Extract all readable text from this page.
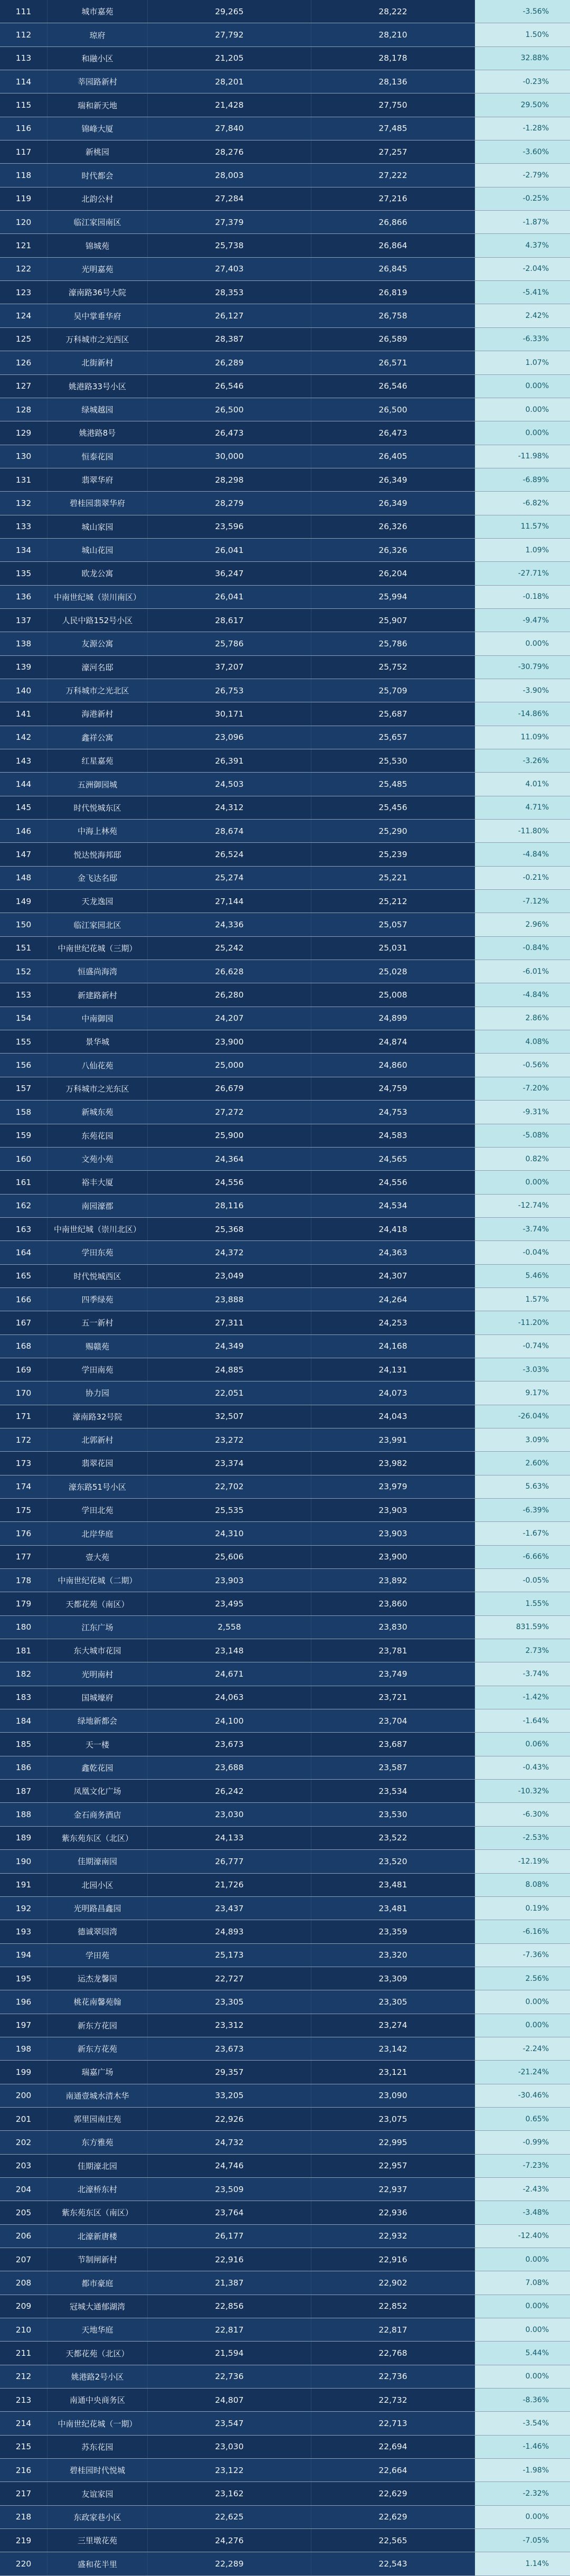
111	城市嘉苑	29,265	28,222	-3.56%
112	琼府	27,792	28,210	1.50%
113	和融小区	21,205	28,178	32.88%
114	莘园路新村	28,201	28,136	-0.23%
115	瑞和新天地	21,428	27,750	29.50%
116	锦峰大厦	27,840	27,485	-1.28%
117	新桃园	28,276	27,257	-3.60%
118	时代都会	28,003	27,222	-2.79%
119	北韵公村	27,284	27,216	-0.25%
120	临江家园南区	27,379	26,866	-1.87%
121	锦城苑	25,738	26,864	4.37%
122	光明嘉苑	27,403	26,845	-2.04%
123	濠南路36号大院	28,353	26,819	-5.41%
124	吴中掌垂华府	26,127	26,758	2.42%
125	万科城市之光西区	28,387	26,589	-6.33%
126	北街新村	26,289	26,571	1.07%
127	姚港路33号小区	26,546	26,546	0.00%
128	绿城越园	26,500	26,500	0.00%
129	姚港路8号	26,473	26,473	0.00%
130	恒泰花园	30,000	26,405	-11.98%
131	翡翠华府	28,298	26,349	-6.89%
132	碧桂园翡翠华府	28,279	26,349	-6.82%
133	城山家园	23,596	26,326	11.57%
134	城山花园	26,041	26,326	1.09%
135	欧龙公寓	36,247	26,204	-27.71%
136	中南世纪城（崇川南区）	26,041	25,994	-0.18%
137	人民中路152号小区	28,617	25,907	-9.47%
138	友源公寓	25,786	25,786	0.00%
139	濠河名邸	37,207	25,752	-30.79%
140	万科城市之光北区	26,753	25,709	-3.90%
141	海港新村	30,171	25,687	-14.86%
142	鑫祥公寓	23,096	25,657	11.09%
143	红星嘉苑	26,391	25,530	-3.26%
144	五洲御园城	24,503	25,485	4.01%
145	时代悦城东区	24,312	25,456	4.71%
146	中海上林苑	28,674	25,290	-11.80%
147	悦达悦海邦邸	26,524	25,239	-4.84%
148	金飞达名邸	25,274	25,221	-0.21%
149	天龙逸园	27,144	25,212	-7.12%
150	临江家园北区	24,336	25,057	2.96%
151	中南世纪花城（三期）	25,242	25,031	-0.84%
152	恒盛尚海湾	26,628	25,028	-6.01%
153	新建路新村	26,280	25,008	-4.84%
154	中南御园	24,207	24,899	2.86%
155	景华城	23,900	24,874	4.08%
156	八仙花苑	25,000	24,860	-0.56%
157	万科城市之光东区	26,679	24,759	-7.20%
158	新城东苑	27,272	24,753	-9.31%
159	东苑花园	25,900	24,583	-5.08%
160	文苑小苑	24,364	24,565	0.82%
161	裕丰大厦	24,556	24,556	0.00%
162	南园濠郡	28,116	24,534	-12.74%
163	中南世纪城（崇川北区）	25,368	24,418	-3.74%
164	学田东苑	24,372	24,363	-0.04%
165	时代悦城西区	23,049	24,307	5.46%
166	四季绿苑	23,888	24,264	1.57%
167	五一新村	27,311	24,253	-11.20%
168	赐赣苑	24,349	24,168	-0.74%
169	学田南苑	24,885	24,131	-3.03%
170	协力园	22,051	24,073	9.17%
171	濠南路32号院	32,507	24,043	-26.04%
172	北郭新村	23,272	23,991	3.09%
173	翡翠花园	23,374	23,982	2.60%
174	濠东路51号小区	22,702	23,979	5.63%
175	学田北苑	25,535	23,903	-6.39%
176	北岸华庭	24,310	23,903	-1.67%
177	壹大苑	25,606	23,900	-6.66%
178	中南世纪花城（二期）	23,903	23,892	-0.05%
179	天都花苑（南区）	23,495	23,860	1.55%
180	江东广场	2,558	23,830	831.59%
181	东大城市花园	23,148	23,781	2.73%
182	光明南村	24,671	23,749	-3.74%
183	国城壕府	24,063	23,721	-1.42%
184	绿地新都会	24,100	23,704	-1.64%
185	天一楼	23,673	23,687	0.06%
186	鑫乾花园	23,688	23,587	-0.43%
187	凤凰文化广场	26,242	23,534	-10.32%
188	金石商务酒店	23,030	23,530	-6.30%
189	紫东苑东区（北区）	24,133	23,522	-2.53%
190	佳期濠南园	26,777	23,520	-12.19%
191	北园小区	21,726	23,481	8.08%
192	光明路昌鑫园	23,437	23,481	0.19%
193	德诚翠园湾	24,893	23,359	-6.16%
194	学田苑	25,173	23,320	-7.36%
195	运杰龙馨园	22,727	23,309	2.56%
196	桃花南馨苑翰	23,305	23,305	0.00%
197	新东方花园	23,312	23,274	0.00%
198	新东方花苑	23,673	23,142	-2.24%
199	瑞嘉广场	29,357	23,121	-21.24%
200	南通壹城水清木华	33,205	23,090	-30.46%
201	郭里园南庄苑	22,926	23,075	0.65%
202	东方雅苑	24,732	22,995	-0.99%
203	佳期濠北园	24,746	22,957	-7.23%
204	北濠桥东村	23,509	22,937	-2.43%
205	紫东苑东区（南区）	23,764	22,936	-3.48%
206	北濠新唐楼	26,177	22,932	-12.40%
207	节制闸新村	22,916	22,916	0.00%
208	都市豪庭	21,387	22,902	7.08%
209	冠城大通郁湖湾	22,856	22,852	0.00%
210	天地华庭	22,817	22,817	0.00%
211	天都花苑（北区）	21,594	22,768	5.44%
212	姚港路2号小区	22,736	22,736	0.00%
213	南通中央商务区	24,807	22,732	-8.36%
214	中南世纪花城（一期）	23,547	22,713	-3.54%
215	苏东花园	23,030	22,694	-1.46%
216	碧桂园时代悦城	23,122	22,664	-1.98%
217	友谊家园	23,162	22,629	-2.32%
218	东政家巷小区	22,625	22,629	0.00%
219	三里墩花苑	24,276	22,565	-7.05%
220	盛和花半里	22,289	22,543	1.14%
